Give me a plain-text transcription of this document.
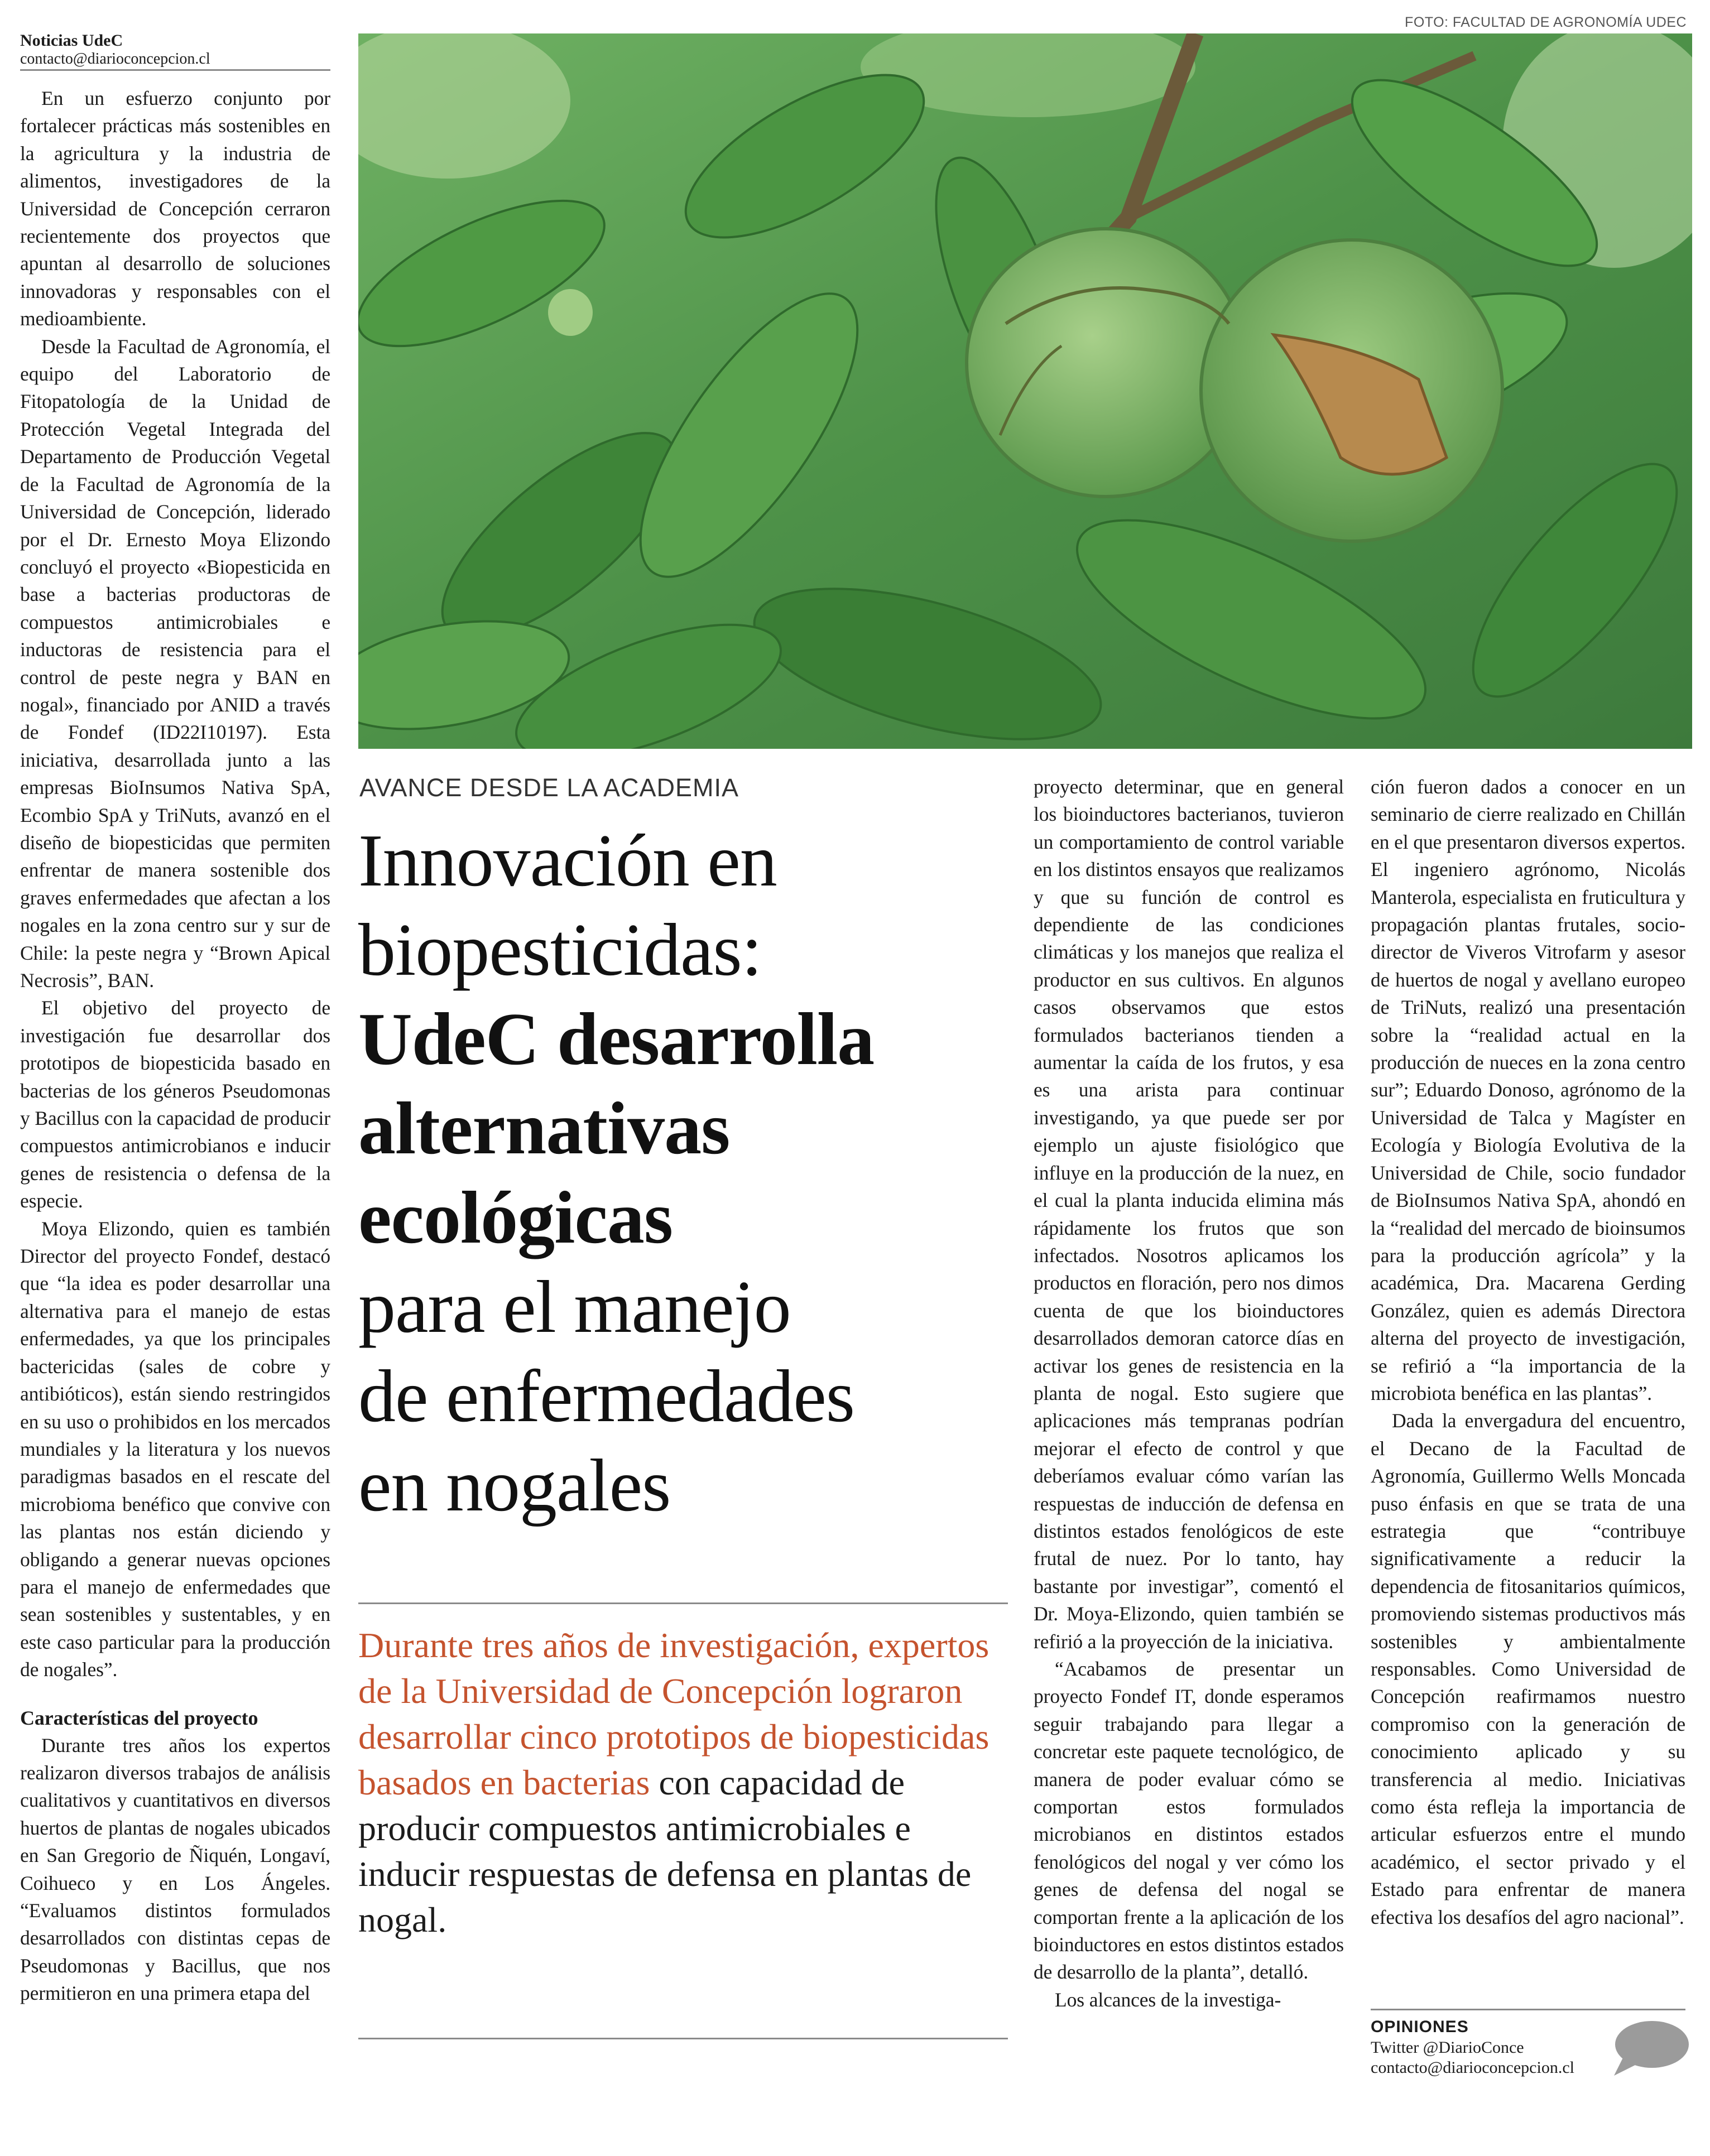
Noticias UdeC
contacto@diarioconcepcion.cl

En un esfuerzo conjunto por fortalecer prácticas más sostenibles en la agricultura y la industria de alimentos, investigadores de la Universidad de Concepción cerraron recientemente dos proyectos que apuntan al desarrollo de soluciones innovadoras y responsables con el medioambiente.

Desde la Facultad de Agronomía, el equipo del Laboratorio de Fitopatología de la Unidad de Protección Vegetal Integrada del Departamento de Producción Vegetal de la Facultad de Agronomía de la Universidad de Concepción, liderado por el Dr. Ernesto Moya Elizondo concluyó el proyecto «Biopesticida en base a bacterias productoras de compuestos antimicrobiales e inductoras de resistencia para el control de peste negra y BAN en nogal», financiado por ANID a través de Fondef (ID22I10197). Esta iniciativa, desarrollada junto a las empresas BioInsumos Nativa SpA, Ecombio SpA y TriNuts, avanzó en el diseño de biopesticidas que permiten enfrentar de manera sostenible dos graves enfermedades que afectan a los nogales en la zona centro sur y sur de Chile: la peste negra y “Brown Apical Necrosis”, BAN.

El objetivo del proyecto de investigación fue desarrollar dos prototipos de biopesticida basado en bacterias de los géneros Pseudomonas y Bacillus con la capacidad de producir compuestos antimicrobianos e inducir genes de resistencia o defensa de la especie.

Moya Elizondo, quien es también Director del proyecto Fondef, destacó que “la idea es poder desarrollar una alternativa para el manejo de estas enfermedades, ya que los principales bactericidas (sales de cobre y antibióticos), están siendo restringidos en su uso o prohibidos en los mercados mundiales y la literatura y los nuevos paradigmas basados en el rescate del microbioma benéfico que convive con las plantas nos están diciendo y obligando a generar nuevas opciones para el manejo de enfermedades que sean sostenibles y sustentables, y en este caso particular para la producción de nogales”.

Características del proyecto

Durante tres años los expertos realizaron diversos trabajos de análisis cualitativos y cuantitativos en diversos huertos de plantas de nogales ubicados en San Gregorio de Ñiquén, Longaví, Coihueco y en Los Ángeles. “Evaluamos distintos formulados desarrollados con distintas cepas de Pseudomonas y Bacillus, que nos permitieron en una primera etapa del

FOTO: FACULTAD DE AGRONOMÍA UDEC
AVANCE DESDE LA ACADEMIA
Innovación en
biopesticidas:
UdeC desarrolla
alternativas
ecológicas
para el manejo
de enfermedades
en nogales
Durante tres años de investigación, expertos de la Universidad de Concepción lograron desarrollar cinco prototipos de biopesticidas basados en bacterias con capacidad de producir compuestos antimicrobiales e inducir respuestas de defensa en plantas de nogal.

proyecto determinar, que en general los bioinductores bacterianos, tuvieron un comportamiento de control variable en los distintos ensayos que realizamos y que su función de control es dependiente de las condiciones climáticas y los manejos que realiza el productor en sus cultivos. En algunos casos observamos que estos formulados bacterianos tienden a aumentar la caída de los frutos, y esa es una arista para continuar investigando, ya que puede ser por ejemplo un ajuste fisiológico que influye en la producción de la nuez, en el cual la planta inducida elimina más rápidamente los frutos que son infectados. Nosotros aplicamos los productos en floración, pero nos dimos cuenta de que los bioinductores desarrollados demoran catorce días en activar los genes de resistencia en la planta de nogal. Esto sugiere que aplicaciones más tempranas podrían mejorar el efecto de control y que deberíamos evaluar cómo varían las respuestas de inducción de defensa en distintos estados fenológicos de este frutal de nuez. Por lo tanto, hay bastante por investigar”, comentó el Dr. Moya-Elizondo, quien también se refirió a la proyección de la iniciativa.

“Acabamos de presentar un proyecto Fondef IT, donde esperamos seguir trabajando para llegar a concretar este paquete tecnológico, de manera de poder evaluar cómo se comportan estos formulados microbianos en distintos estados fenológicos del nogal y ver cómo los genes de defensa del nogal se comportan frente a la aplicación de los bioinductores en estos distintos estados de desarrollo de la planta”, detalló.

Los alcances de la investiga-

ción fueron dados a conocer en un seminario de cierre realizado en Chillán en el que presentaron diversos expertos. El ingeniero agrónomo, Nicolás Manterola, especialista en fruticultura y propagación plantas frutales, socio-director de Viveros Vitrofarm y asesor de huertos de nogal y avellano europeo de TriNuts, realizó una presentación sobre la “realidad actual en la producción de nueces en la zona centro sur”; Eduardo Donoso, agrónomo de la Universidad de Talca y Magíster en Ecología y Biología Evolutiva de la Universidad de Chile, socio fundador de BioInsumos Nativa SpA, ahondó en la “realidad del mercado de bioinsumos para la producción agrícola” y la académica, Dra. Macarena Gerding González, quien es además Directora alterna del proyecto de investigación, se refirió a “la importancia de la microbiota benéfica en las plantas”.

Dada la envergadura del encuentro, el Decano de la Facultad de Agronomía, Guillermo Wells Moncada puso énfasis en que se trata de una estrategia que “contribuye significativamente a reducir la dependencia de fitosanitarios químicos, promoviendo sistemas productivos más sostenibles y ambientalmente responsables. Como Universidad de Concepción reafirmamos nuestro compromiso con la generación de conocimiento aplicado y su transferencia al medio. Iniciativas como ésta refleja la importancia de articular esfuerzos entre el mundo académico, el sector privado y el Estado para enfrentar de manera efectiva los desafíos del agro nacional”.

OPINIONES
Twitter @DiarioConce
contacto@diarioconcepcion.cl
